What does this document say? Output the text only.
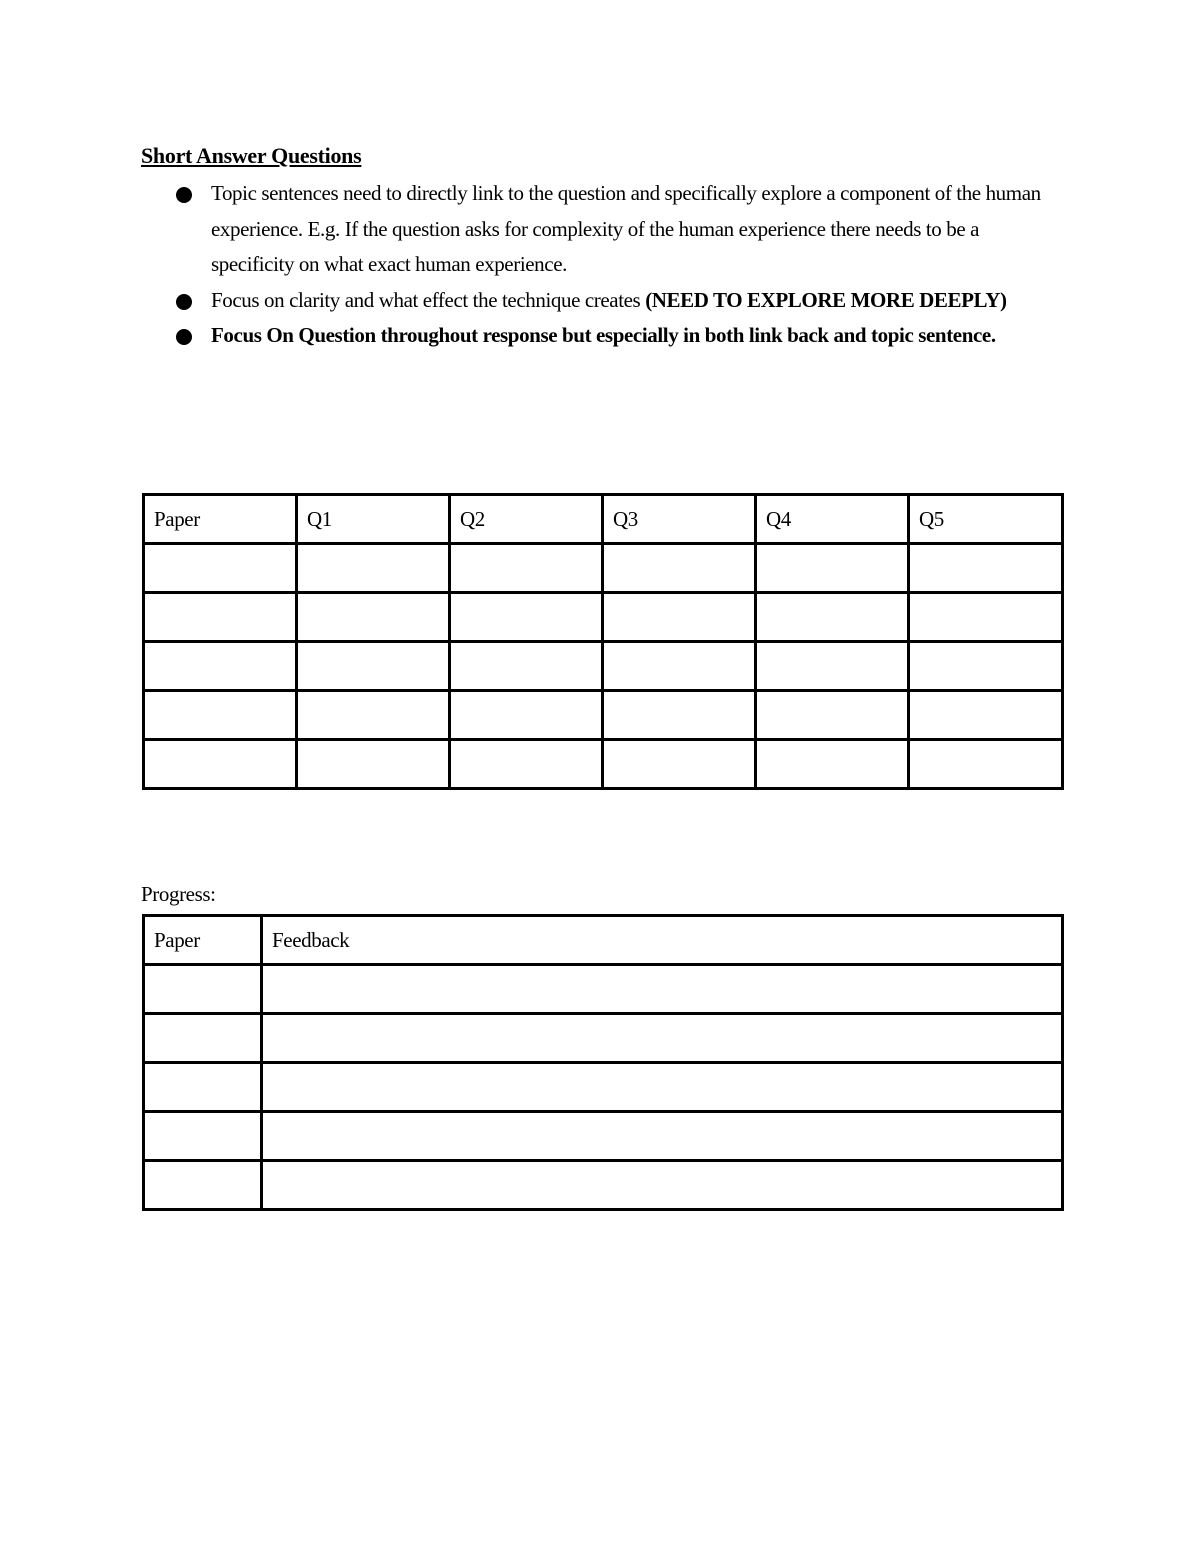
Short Answer Questions
Topic sentences need to directly link to the question and specifically explore a component of the human experience. E.g. If the question asks for complexity of the human experience there needs to be a specificity on what exact human experience.
Focus on clarity and what effect the technique creates (NEED TO EXPLORE MORE DEEPLY)
Focus On Question throughout response but especially in both link back and topic sentence.
Paper	Q1	Q2	Q3	Q4	Q5

Progress:
Paper	Feedback
